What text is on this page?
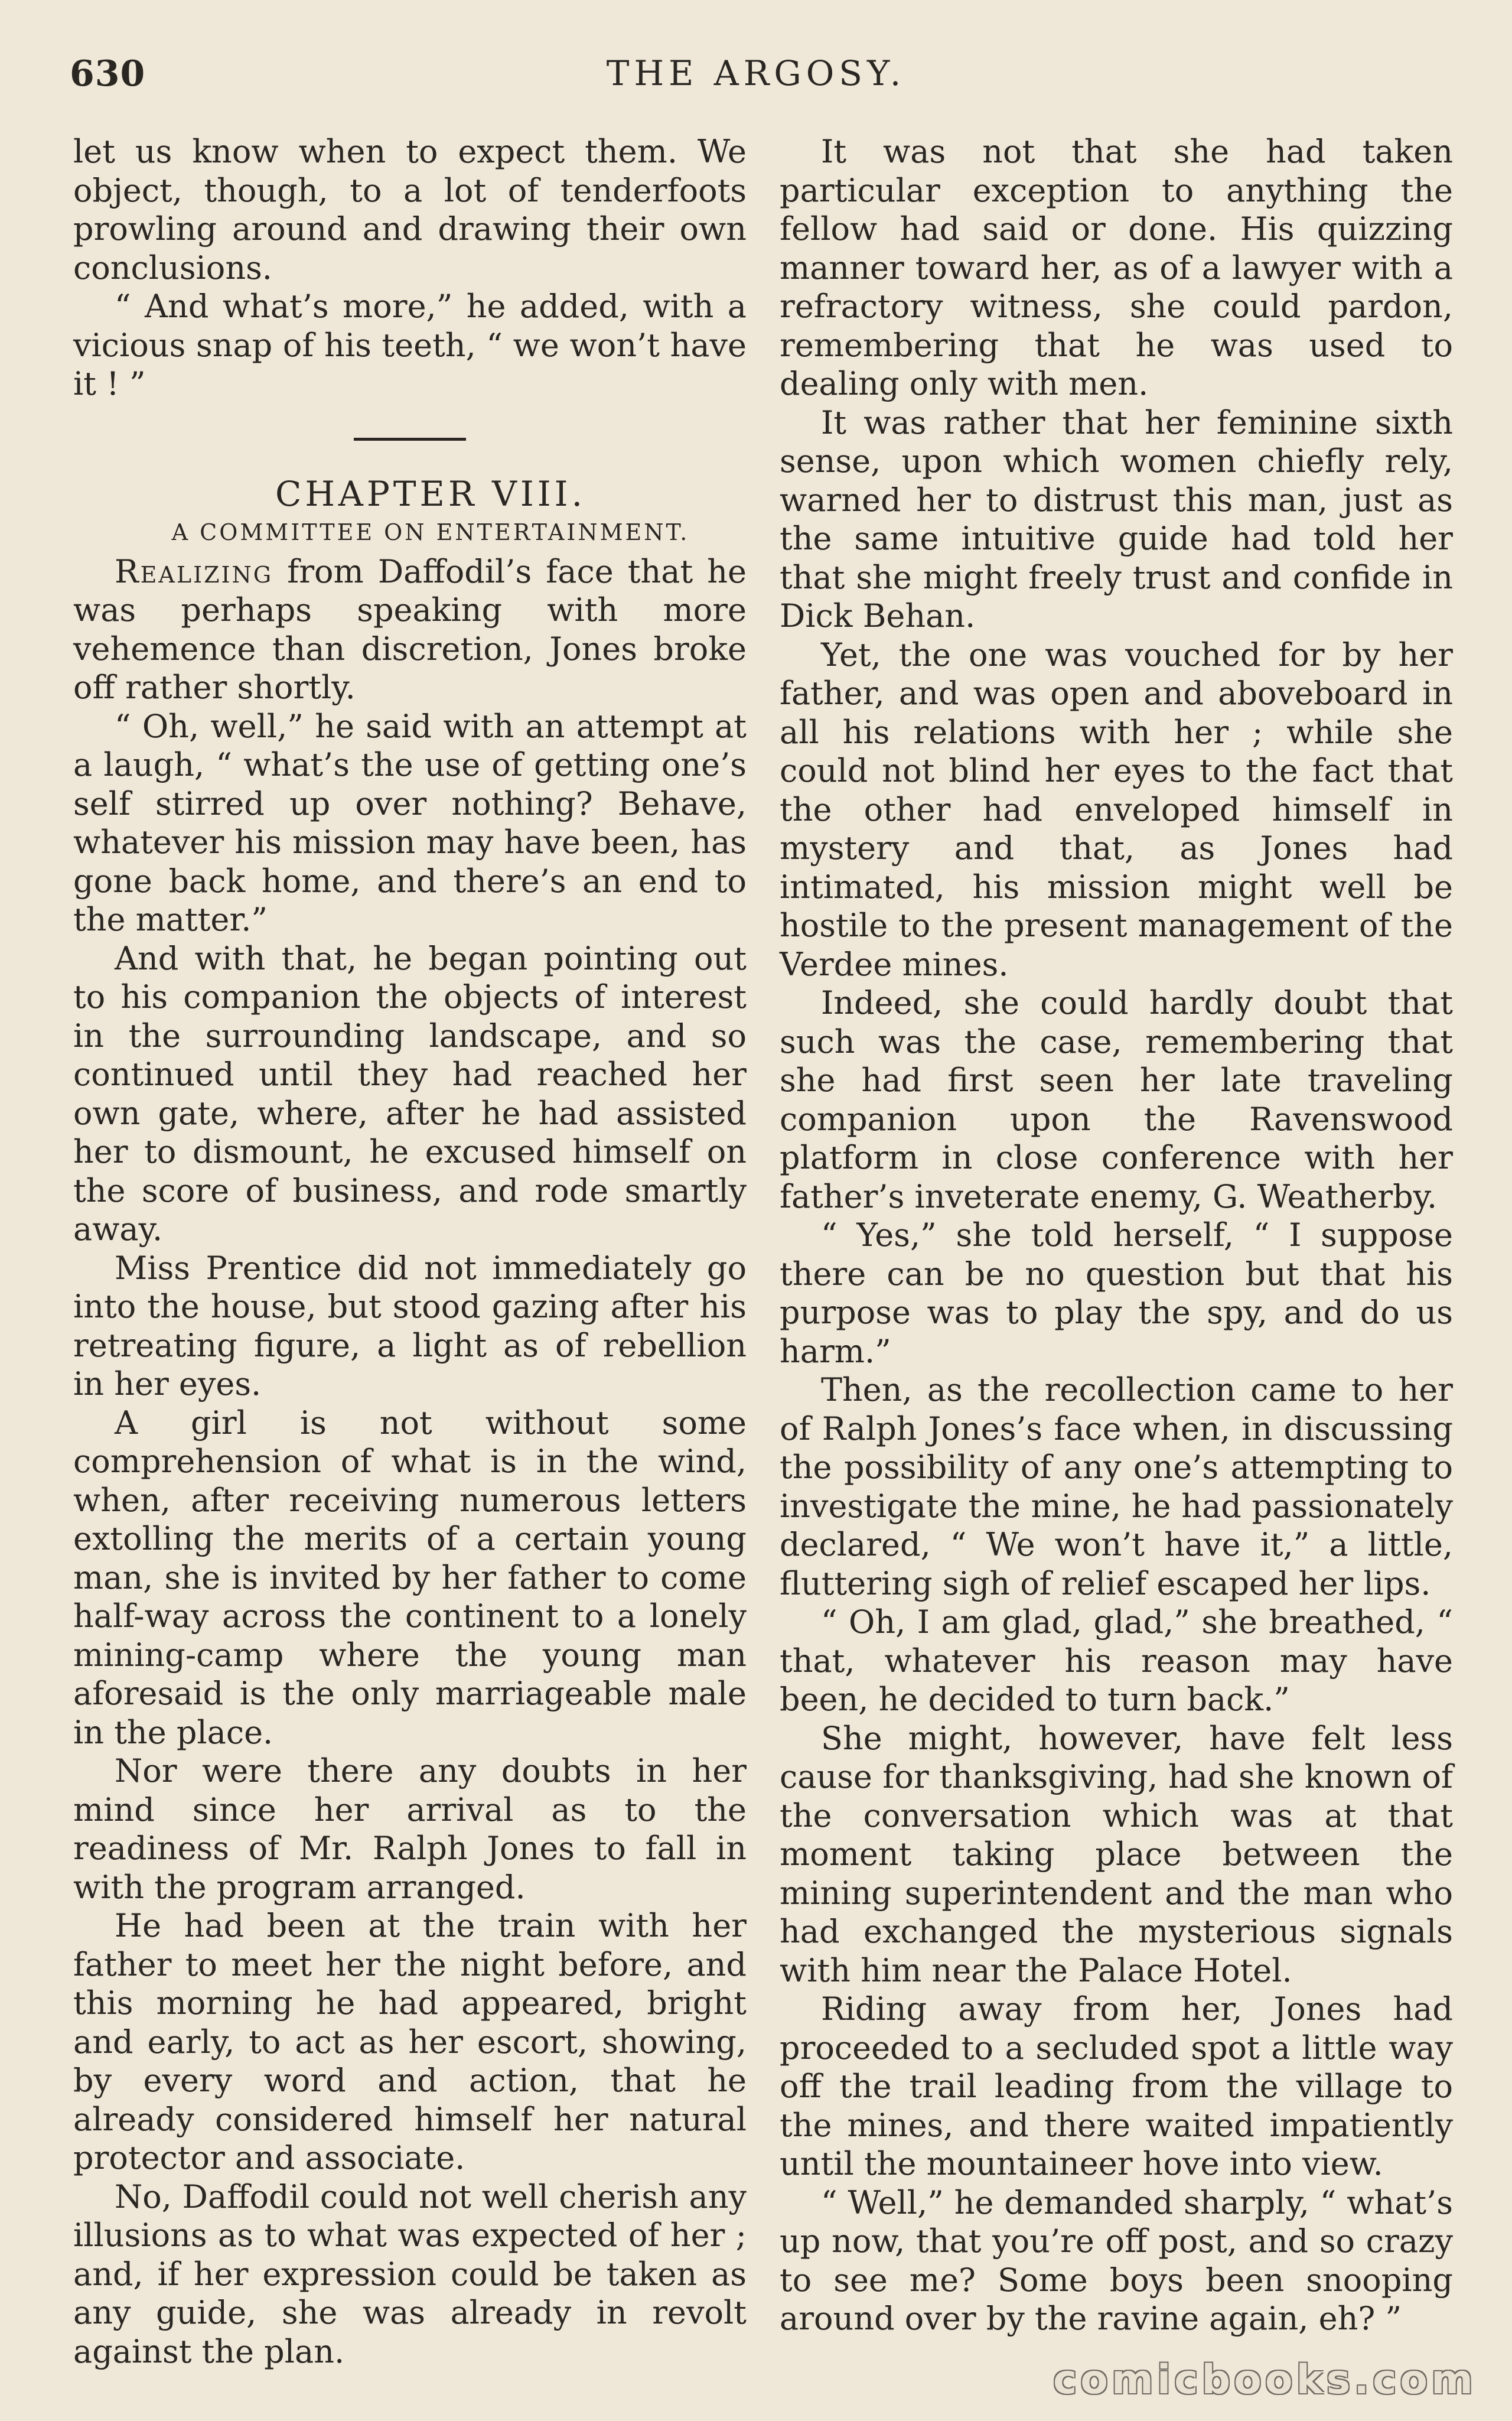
630	THE ARGOSY.

let us know when to expect them. We object, though, to a lot of tenderfoots prowling around and drawing their own conclusions.

“ And what’s more,” he added, with a vicious snap of his teeth, “ we won’t have it ! ”

CHAPTER VIII.

A COMMITTEE ON ENTERTAINMENT.

Realizing from Daffodil’s face that he was perhaps speaking with more vehemence than discretion, Jones broke off rather shortly.

“ Oh, well,” he said with an attempt at a laugh, “ what’s the use of getting one’s self stirred up over nothing? Behave, whatever his mission may have been, has gone back home, and there’s an end to the matter.”

And with that, he began pointing out to his companion the objects of interest in the surrounding landscape, and so continued until they had reached her own gate, where, after he had assisted her to dismount, he excused himself on the score of business, and rode smartly away.

Miss Prentice did not immediately go into the house, but stood gazing after his retreating figure, a light as of rebellion in her eyes.

A girl is not without some comprehension of what is in the wind, when, after receiving numerous letters extolling the merits of a certain young man, she is invited by her father to come half-way across the continent to a lonely mining-camp where the young man aforesaid is the only marriageable male in the place.

Nor were there any doubts in her mind since her arrival as to the readiness of Mr. Ralph Jones to fall in with the program arranged.

He had been at the train with her father to meet her the night before, and this morning he had appeared, bright and early, to act as her escort, showing, by every word and action, that he already considered himself her natural protector and associate.

No, Daffodil could not well cherish any illusions as to what was expected of her ; and, if her expression could be taken as any guide, she was already in revolt against the plan.

It was not that she had taken particular exception to anything the fellow had said or done. His quizzing manner toward her, as of a lawyer with a refractory witness, she could pardon, remembering that he was used to dealing only with men.

It was rather that her feminine sixth sense, upon which women chiefly rely, warned her to distrust this man, just as the same intuitive guide had told her that she might freely trust and confide in Dick Behan.

Yet, the one was vouched for by her father, and was open and aboveboard in all his relations with her ; while she could not blind her eyes to the fact that the other had enveloped himself in mystery and that, as Jones had intimated, his mission might well be hostile to the present management of the Verdee mines.

Indeed, she could hardly doubt that such was the case, remembering that she had first seen her late traveling companion upon the Ravenswood platform in close conference with her father’s inveterate enemy, G. Weatherby.

“ Yes,” she told herself, “ I suppose there can be no question but that his purpose was to play the spy, and do us harm.”

Then, as the recollection came to her of Ralph Jones’s face when, in discussing the possibility of any one’s attempting to investigate the mine, he had passionately declared, “ We won’t have it,” a little, fluttering sigh of relief escaped her lips.

“ Oh, I am glad, glad,” she breathed, “ that, whatever his reason may have been, he decided to turn back.”

She might, however, have felt less cause for thanksgiving, had she known of the conversation which was at that moment taking place between the mining superintendent and the man who had exchanged the mysterious signals with him near the Palace Hotel.

Riding away from her, Jones had proceeded to a secluded spot a little way off the trail leading from the village to the mines, and there waited impatiently until the mountaineer hove into view.

“ Well,” he demanded sharply, “ what’s up now, that you’re off post, and so crazy to see me? Some boys been snooping around over by the ravine again, eh? ”

comicbooks.com
